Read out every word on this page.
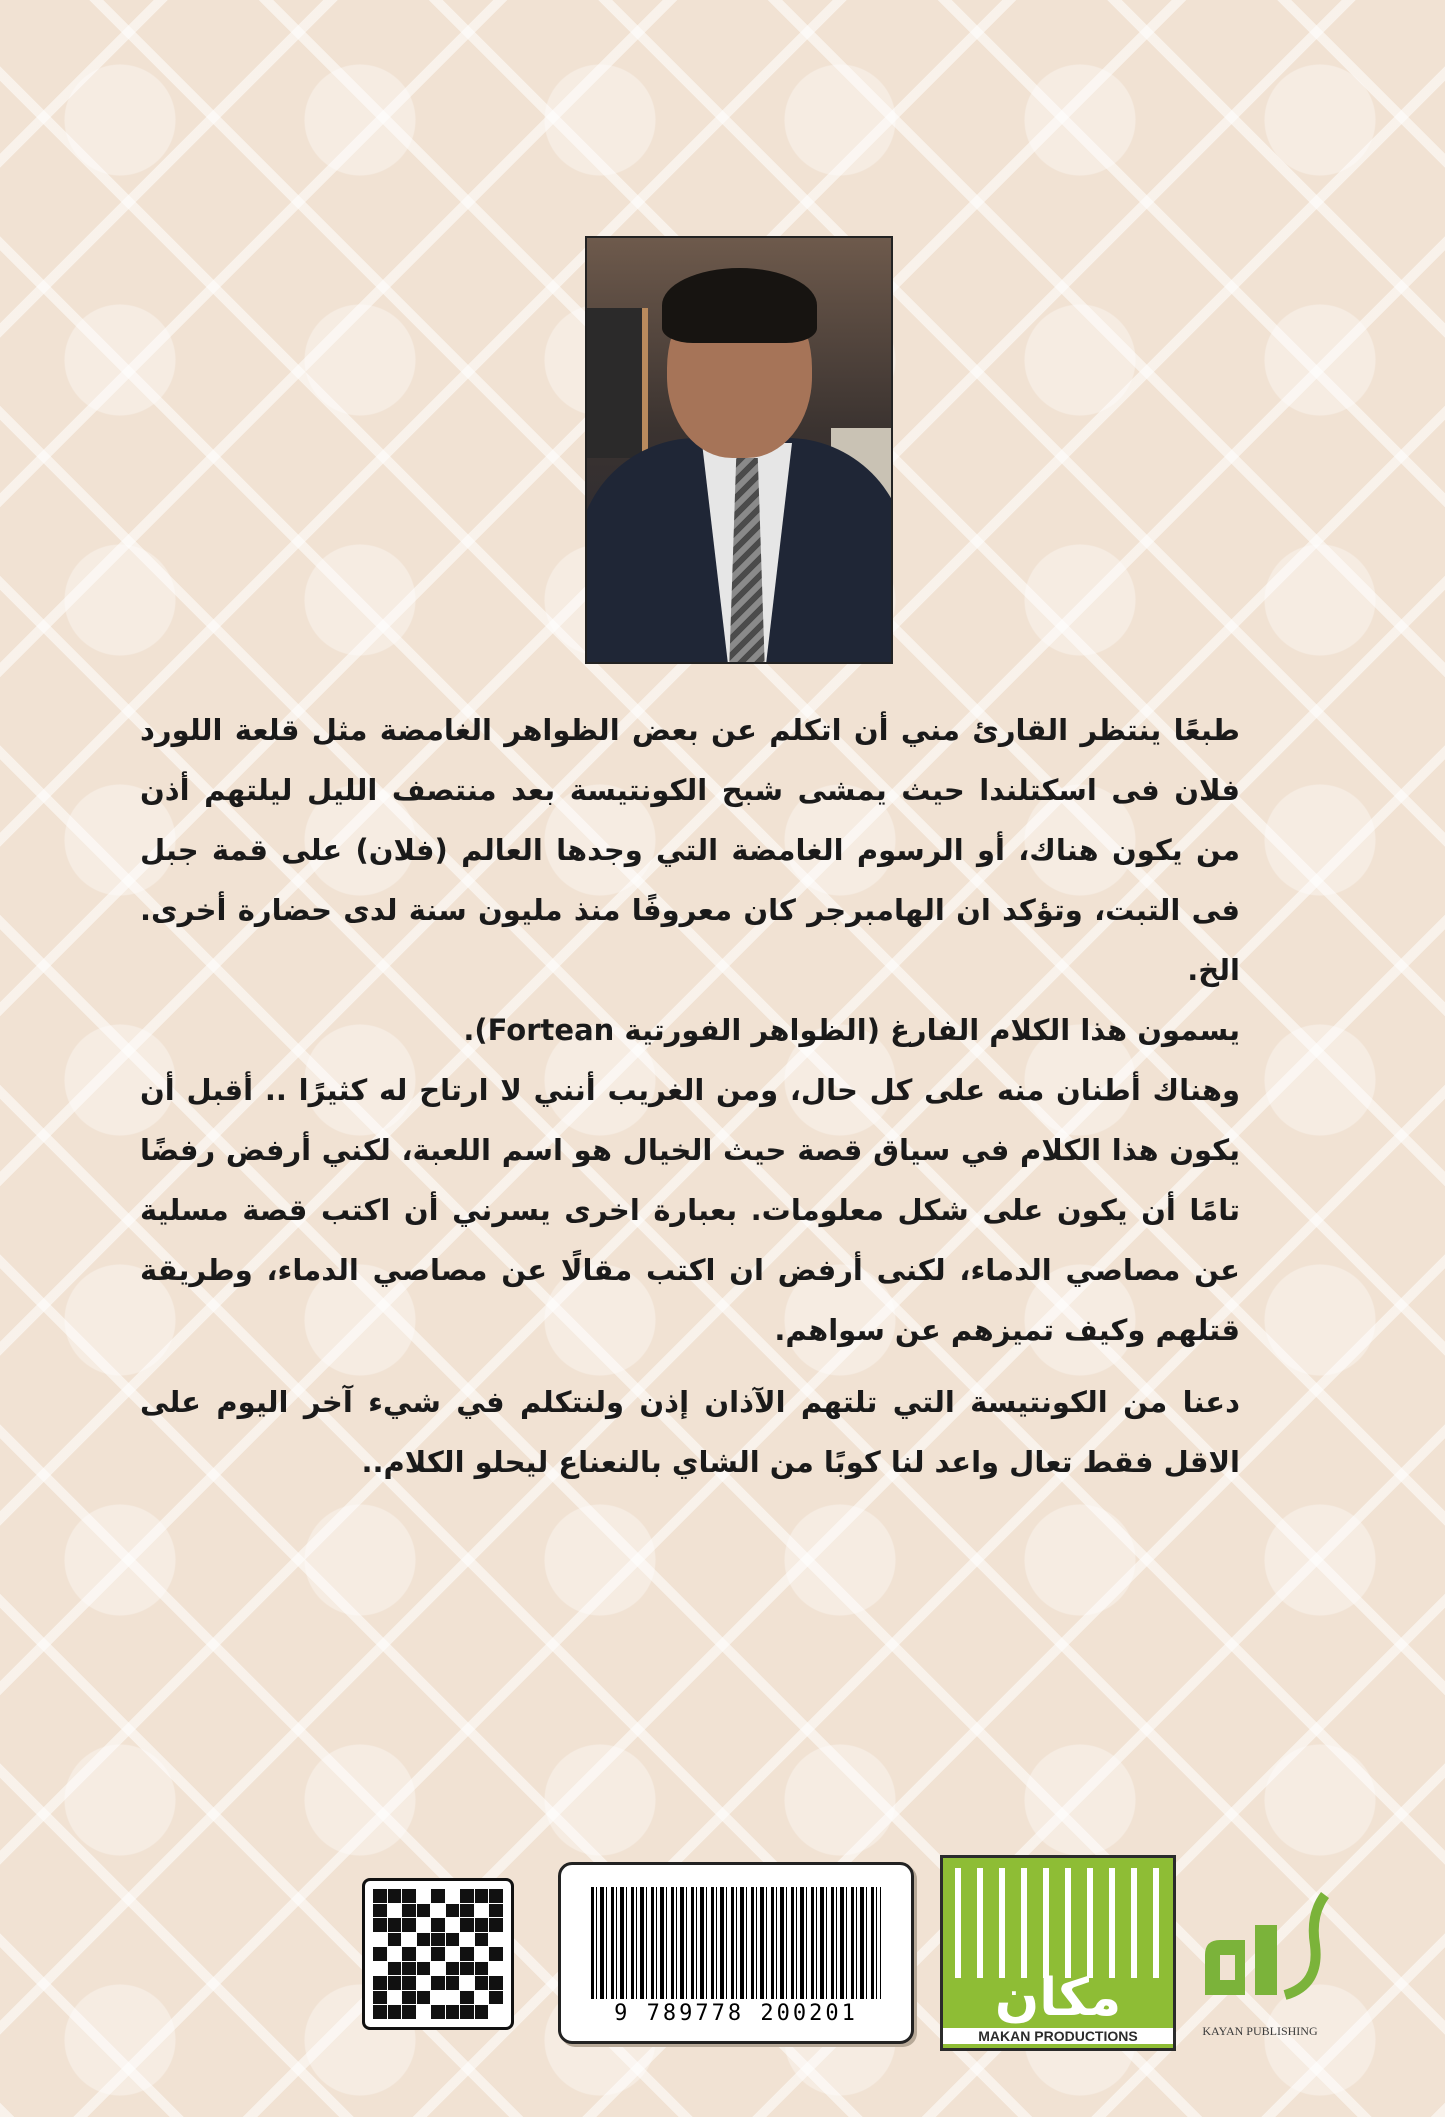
طبعًا ينتظر القارئ مني أن اتكلم عن بعض الظواهر الغامضة مثل قلعة اللورد فلان فى اسكتلندا حيث يمشى شبح الكونتيسة بعد منتصف الليل ليلتهم أذن من يكون هناك، أو الرسوم الغامضة التي وجدها العالم (فلان) على قمة جبل فى التبت، وتؤكد ان الهامبرجر كان معروفًا منذ مليون سنة لدى حضارة أخرى. الخ.

يسمون هذا الكلام الفارغ (الظواهر الفورتية Fortean).

وهناك أطنان منه على كل حال، ومن الغريب أنني لا ارتاح له كثيرًا .. أقبل أن يكون هذا الكلام في سياق قصة حيث الخيال هو اسم اللعبة، لكني أرفض رفضًا تامًا أن يكون على شكل معلومات. بعبارة اخرى يسرني أن اكتب قصة مسلية عن مصاصي الدماء، لكنى أرفض ان اكتب مقالًا عن مصاصي الدماء، وطريقة قتلهم وكيف تميزهم عن سواهم.

دعنا من الكونتيسة التي تلتهم الآذان إذن ولنتكلم في شيء آخر اليوم على الاقل فقط تعال واعد لنا كوبًا من الشاي بالنعناع ليحلو الكلام..

9 789778 200201	مكان
MAKAN PRODUCTIONS	KAYAN PUBLISHING
